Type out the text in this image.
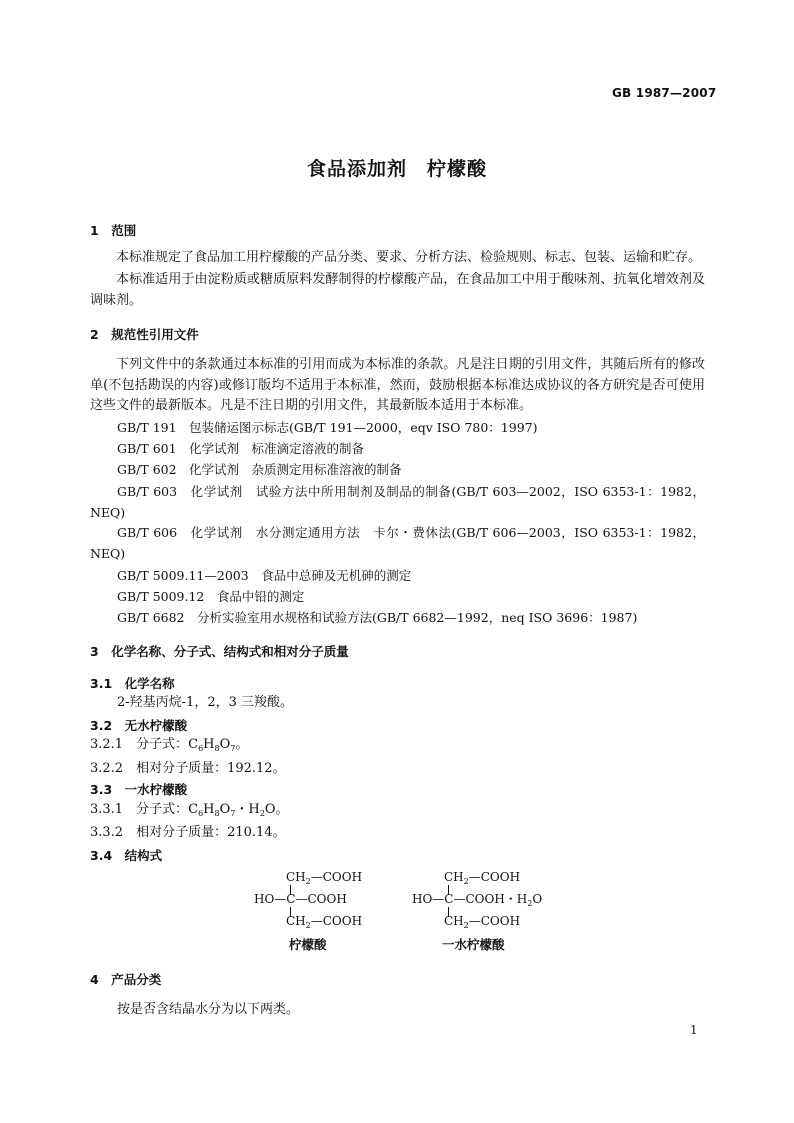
GB 1987—2007

食品添加剂　柠檬酸

1　范围

本标准规定了食品加工用柠檬酸的产品分类、要求、分析方法、检验规则、标志、包装、运输和贮存。

本标准适用于由淀粉质或糖质原料发酵制得的柠檬酸产品，在食品加工中用于酸味剂、抗氧化增效剂及调味剂。

2　规范性引用文件

下列文件中的条款通过本标准的引用而成为本标准的条款。凡是注日期的引用文件，其随后所有的修改单(不包括勘误的内容)或修订版均不适用于本标准，然而，鼓励根据本标准达成协议的各方研究是否可使用这些文件的最新版本。凡是不注日期的引用文件，其最新版本适用于本标准。

GB/T 191　包装储运图示标志(GB/T 191—2000，eqv ISO 780：1997)

GB/T 601　化学试剂　标准滴定溶液的制备

GB/T 602　化学试剂　杂质测定用标准溶液的制备

GB/T 603　化学试剂　试验方法中所用制剂及制品的制备(GB/T 603—2002，ISO 6353-1：1982，NEQ)

GB/T 606　化学试剂　水分测定通用方法　卡尔・费休法(GB/T 606—2003，ISO 6353-1：1982，NEQ)

GB/T 5009.11—2003　食品中总砷及无机砷的测定

GB/T 5009.12　食品中铅的测定

GB/T 6682　分析实验室用水规格和试验方法(GB/T 6682—1992，neq ISO 3696：1987)

3　化学名称、分子式、结构式和相对分子质量

3.1　化学名称

2-羟基丙烷-1，2，3 三羧酸。

3.2　无水柠檬酸

3.2.1　 分子式：$C_6H_8O_7$。

3.2.2　 相对分子质量：192.12。

3.3　一水柠檬酸

3.3.1　 分子式：$C_6H_8O_7$・$H_2O$。

3.3.2　 相对分子质量：210.14。

3.4　结构式

$CH_2—COOH$

HO—C—COOH

$CH_2—COOH$

柠檬酸

$CH_2—COOH$

HO—C—COOH・$H_2O$

$CH_2—COOH$

一水柠檬酸

4　产品分类

按是否含结晶水分为以下两类。

1
